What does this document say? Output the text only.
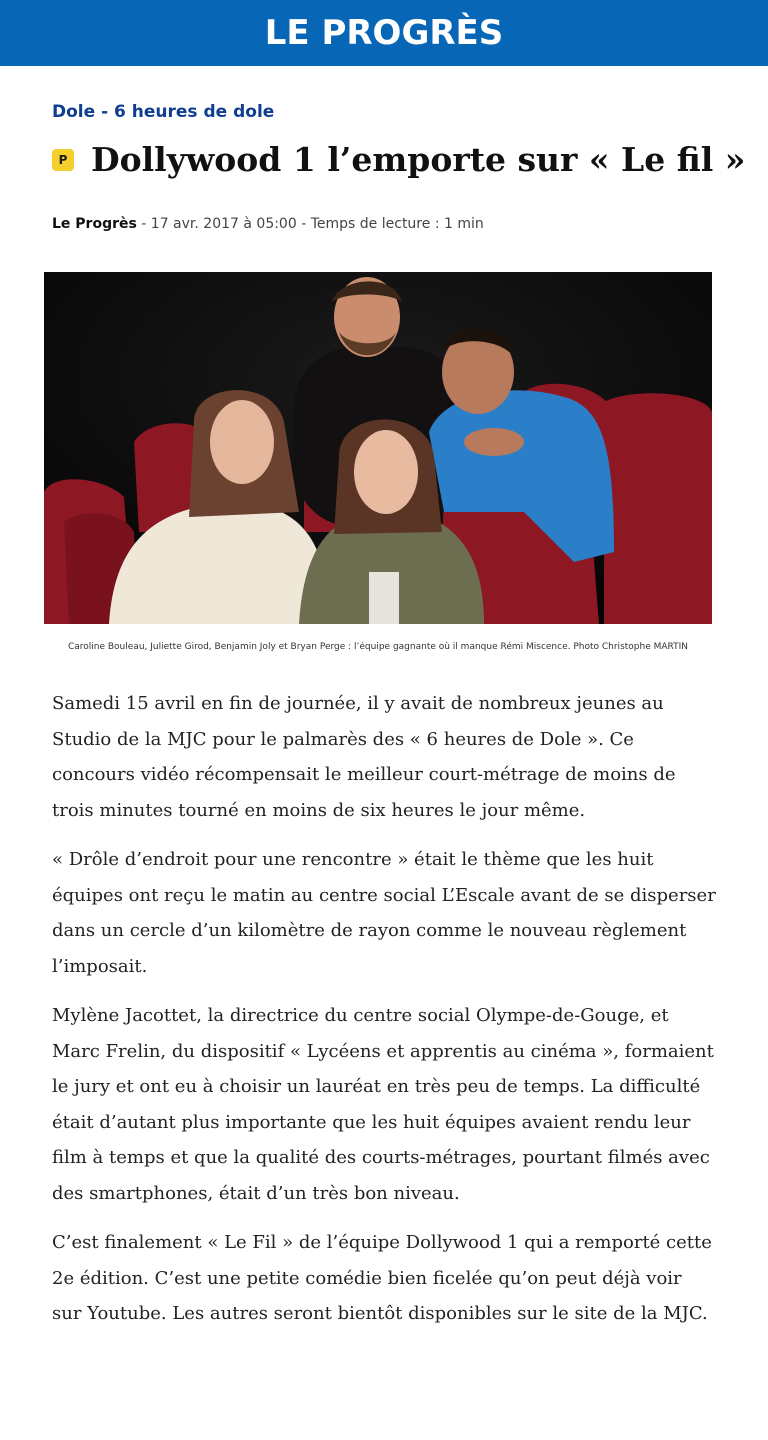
LE PROGRÈS
Dole - 6 heures de dole
P Dollywood 1 l’emporte sur « Le fil »
Le Progrès - 17 avr. 2017 à 05:00 - Temps de lecture : 1 min
Caroline Bouleau, Juliette Girod, Benjamin Joly et Bryan Perge : l’équipe gagnante où il manque Rémi Miscence. Photo Christophe MARTIN

Samedi 15 avril en fin de journée, il y avait de nombreux jeunes au Studio de la MJC pour le palmarès des « 6 heures de Dole ». Ce concours vidéo récompensait le meilleur court-métrage de moins de trois minutes tourné en moins de six heures le jour même.

« Drôle d’endroit pour une rencontre » était le thème que les huit équipes ont reçu le matin au centre social L’Escale avant de se disperser dans un cercle d’un kilomètre de rayon comme le nouveau règlement l’imposait.

Mylène Jacottet, la directrice du centre social Olympe-de-Gouge, et Marc Frelin, du dispositif « Lycéens et apprentis au cinéma », formaient le jury et ont eu à choisir un lauréat en très peu de temps. La difficulté était d’autant plus importante que les huit équipes avaient rendu leur film à temps et que la qualité des courts-métrages, pourtant filmés avec des smartphones, était d’un très bon niveau.

C’est finalement « Le Fil » de l’équipe Dollywood 1 qui a remporté cette 2e édition. C’est une petite comédie bien ficelée qu’on peut déjà voir sur Youtube. Les autres seront bientôt disponibles sur le site de la MJC.
